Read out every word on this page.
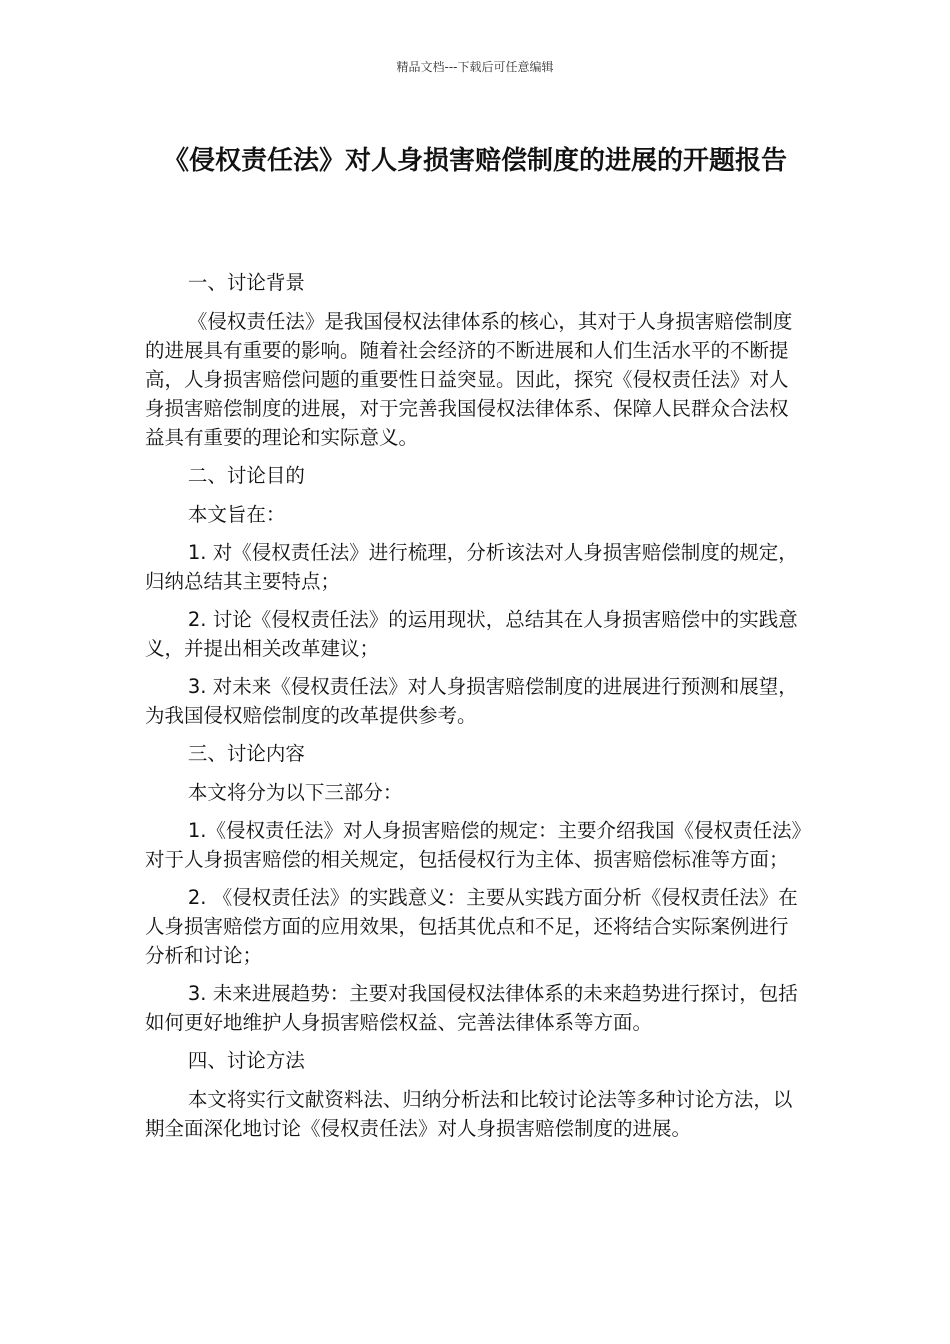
精品文档---下载后可任意编辑
《侵权责任法》对人身损害赔偿制度的进展的开题报告

一、讨论背景

《侵权责任法》是我国侵权法律体系的核心，其对于人身损害赔偿制度的进展具有重要的影响。随着社会经济的不断进展和人们生活水平的不断提高，人身损害赔偿问题的重要性日益突显。因此，探究《侵权责任法》对人身损害赔偿制度的进展，对于完善我国侵权法律体系、保障人民群众合法权益具有重要的理论和实际意义。

二、讨论目的

本文旨在：

1. 对《侵权责任法》进行梳理，分析该法对人身损害赔偿制度的规定，归纳总结其主要特点；

2. 讨论《侵权责任法》的运用现状，总结其在人身损害赔偿中的实践意义，并提出相关改革建议；

3. 对未来《侵权责任法》对人身损害赔偿制度的进展进行预测和展望，为我国侵权赔偿制度的改革提供参考。

三、讨论内容

本文将分为以下三部分：

1.《侵权责任法》对人身损害赔偿的规定：主要介绍我国《侵权责任法》对于人身损害赔偿的相关规定，包括侵权行为主体、损害赔偿标准等方面；

2. 《侵权责任法》的实践意义：主要从实践方面分析《侵权责任法》在人身损害赔偿方面的应用效果，包括其优点和不足，还将结合实际案例进行分析和讨论；

3. 未来进展趋势：主要对我国侵权法律体系的未来趋势进行探讨，包括如何更好地维护人身损害赔偿权益、完善法律体系等方面。

四、讨论方法

本文将实行文献资料法、归纳分析法和比较讨论法等多种讨论方法，以期全面深化地讨论《侵权责任法》对人身损害赔偿制度的进展。
